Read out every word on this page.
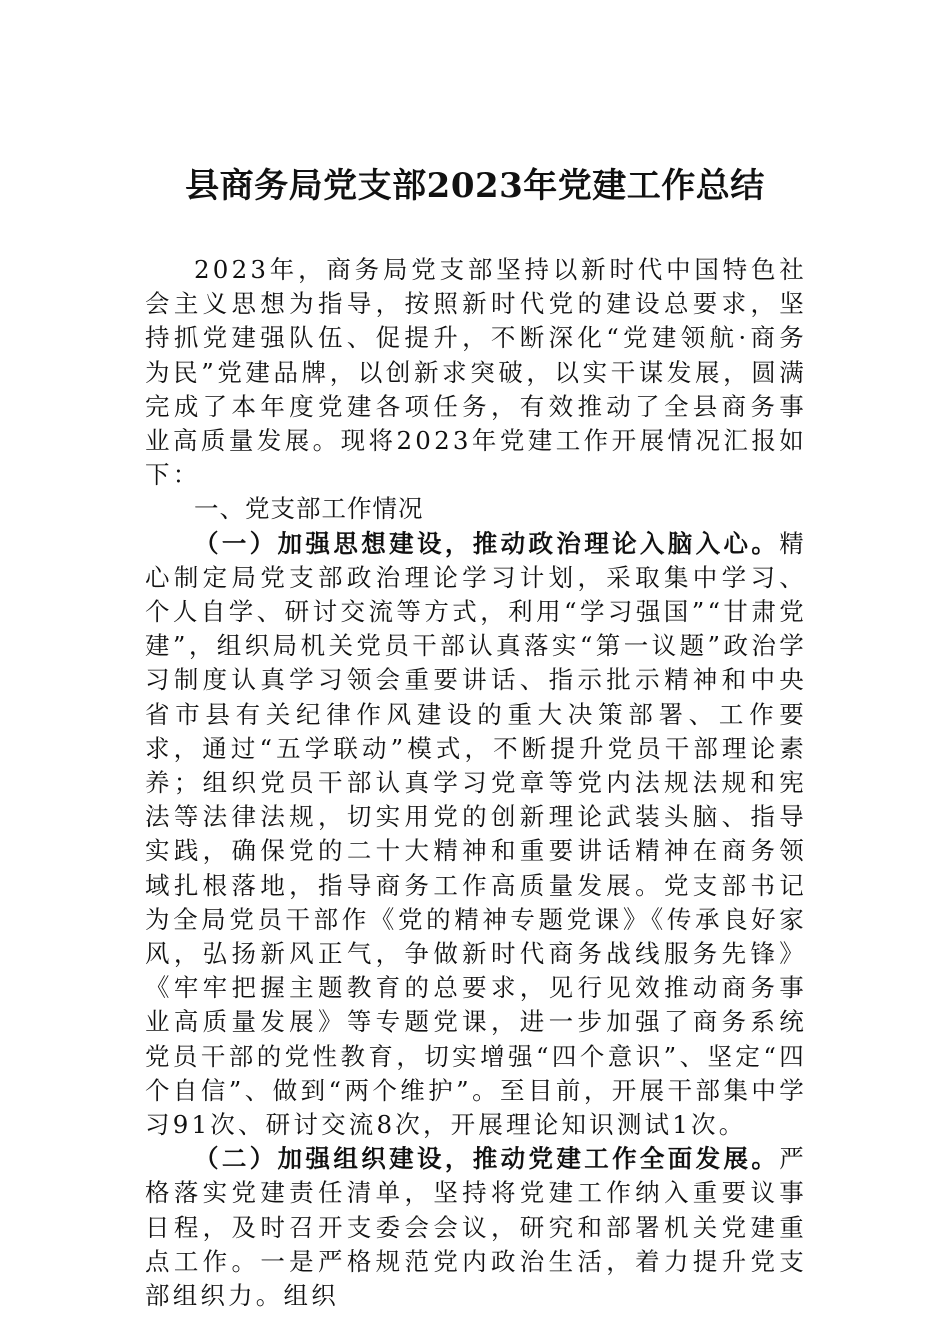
县商务局党支部2023年党建工作总结

2023年，商务局党支部坚持以新时代中国特色社会主义思想为指导，按照新时代党的建设总要求，坚持抓党建强队伍、促提升，不断深化“党建领航·商务为民”党建品牌，以创新求突破，以实干谋发展，圆满完成了本年度党建各项任务，有效推动了全县商务事业高质量发展。现将2023年党建工作开展情况汇报如下：

一、党支部工作情况

（一）加强思想建设，推动政治理论入脑入心。精心制定局党支部政治理论学习计划，采取集中学习、个人自学、研讨交流等方式，利用“学习强国”“甘肃党建”，组织局机关党员干部认真落实“第一议题”政治学习制度认真学习领会重要讲话、指示批示精神和中央省市县有关纪律作风建设的重大决策部署、工作要求，通过“五学联动”模式，不断提升党员干部理论素养；组织党员干部认真学习党章等党内法规法规和宪法等法律法规，切实用党的创新理论武装头脑、指导实践，确保党的二十大精神和重要讲话精神在商务领域扎根落地，指导商务工作高质量发展。党支部书记为全局党员干部作《党的精神专题党课》《传承良好家风，弘扬新风正气，争做新时代商务战线服务先锋》《牢牢把握主题教育的总要求，见行见效推动商务事业高质量发展》等专题党课，进一步加强了商务系统党员干部的党性教育，切实增强“四个意识”、坚定“四个自信”、做到“两个维护”。至目前，开展干部集中学习91次、研讨交流8次，开展理论知识测试1次。

（二）加强组织建设，推动党建工作全面发展。严格落实党建责任清单，坚持将党建工作纳入重要议事日程，及时召开支委会会议，研究和部署机关党建重点工作。一是严格规范党内政治生活，着力提升党支部组织力。组织
